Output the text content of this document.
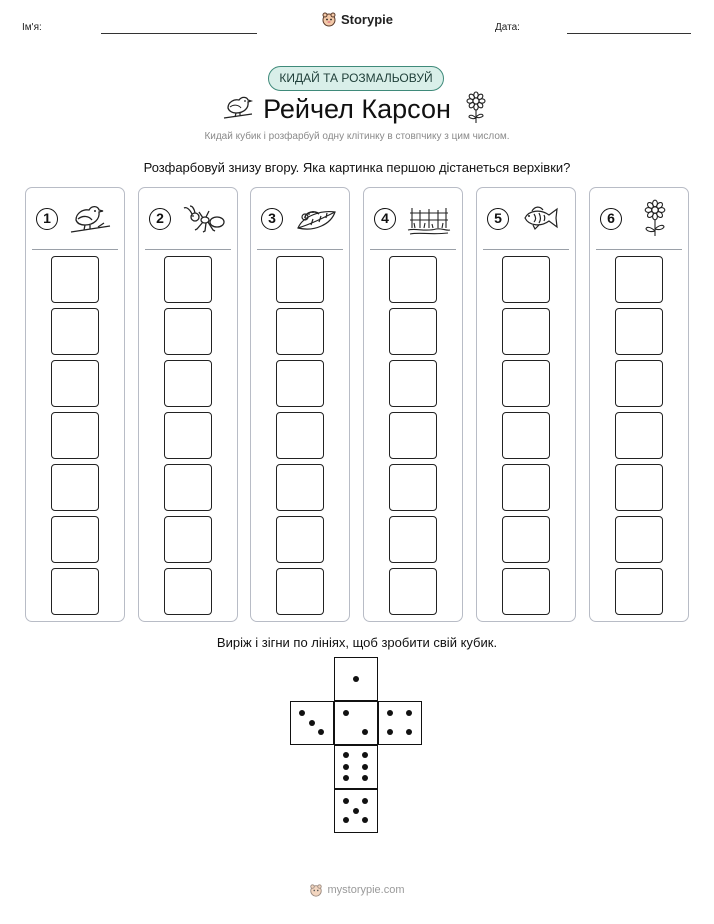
Ім'я:
Storypie
Дата:
КИДАЙ ТА РОЗМАЛЬОВУЙ
Рейчел Карсон
Кидай кубик і розфарбуй одну клітинку в стовпчику з цим числом.
Розфарбовуй знизу вгору. Яка картинка першою дістанеться верхівки?
1	2	3	4	5	6
Виріж і зігни по лініях, щоб зробити свій кубик.
mystorypie.com
